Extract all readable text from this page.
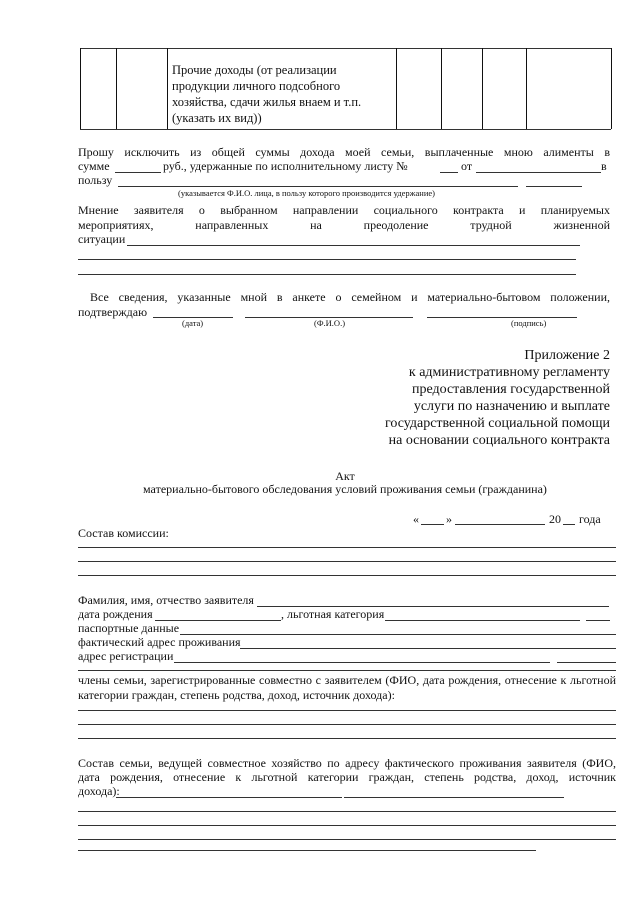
Прочие доходы (от реализации продукции личного подсобного хозяйства, сдачи жилья внаем и т.п. (указать их вид))
Прошу исключить из общей суммы дохода моей семьи, выплаченные мною алименты в
сумме	руб., удержанные по исполнительному листу №	от	в
пользу
(указывается Ф.И.О. лица, в пользу которого производится удержание)
Мнение заявителя о выбранном направлении социального контракта и планируемых
мероприятиях, направленных на преодоление трудной жизненной
ситуации
Все сведения, указанные мной в анкете о семейном и материально-бытовом положении,
подтверждаю
(дата)	(Ф.И.О.)	(подпись)
Приложение 2
к административному регламенту
предоставления государственной
услуги по назначению и выплате
государственной социальной помощи
на основании социального контракта
Акт
материально-бытового обследования условий проживания семьи (гражданина)
« »	20 года
Состав комиссии:
Фамилия, имя, отчество заявителя
дата рождения	, льготная категория
паспортные данные
фактический адрес проживания
адрес регистрации
члены семьи, зарегистрированные совместно с заявителем (ФИО, дата рождения, отнесение к льготной
категории граждан, степень родства, доход, источник дохода):
Состав семьи, ведущей совместное хозяйство по адресу фактического проживания заявителя (ФИО,
дата рождения, отнесение к льготной категории граждан, степень родства, доход, источник
дохода):
